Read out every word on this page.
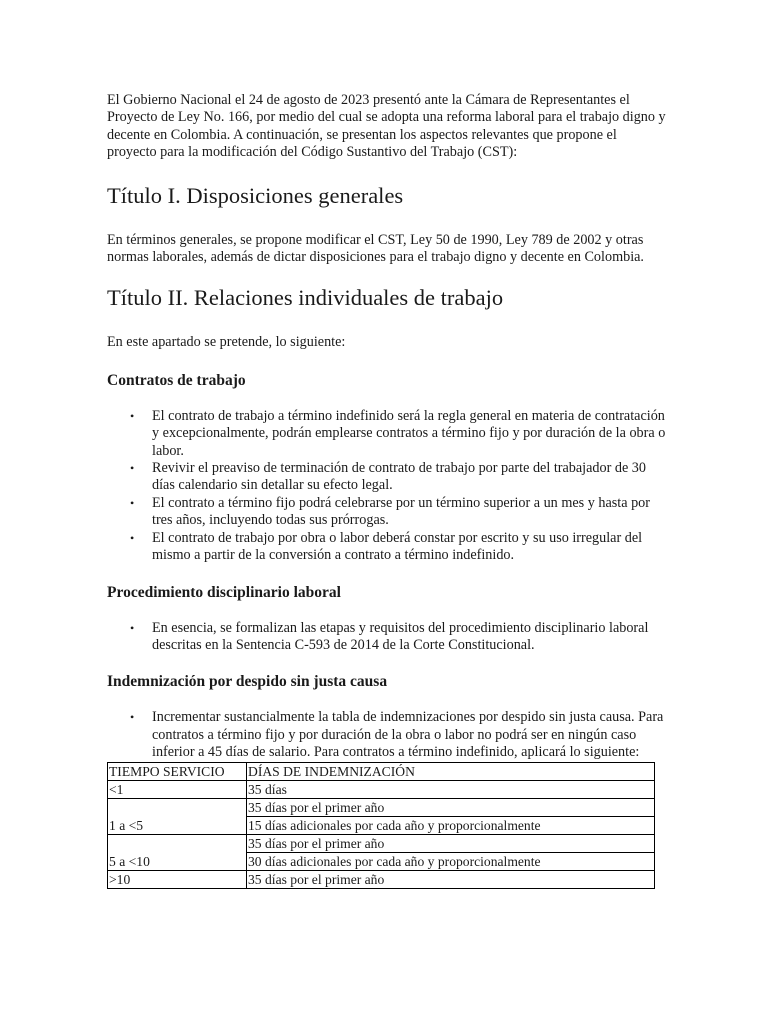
El Gobierno Nacional el 24 de agosto de 2023 presentó ante la Cámara de Representantes el Proyecto de Ley No. 166, por medio del cual se adopta una reforma laboral para el trabajo digno y decente en Colombia. A continuación, se presentan los aspectos relevantes que propone el proyecto para la modificación del Código Sustantivo del Trabajo (CST):

Título I. Disposiciones generales

En términos generales, se propone modificar el CST, Ley 50 de 1990, Ley 789 de 2002 y otras normas laborales, además de dictar disposiciones para el trabajo digno y decente en Colombia.

Título II. Relaciones individuales de trabajo

En este apartado se pretende, lo siguiente:

Contratos de trabajo
• El contrato de trabajo a término indefinido será la regla general en materia de contratación y excepcionalmente, podrán emplearse contratos a término fijo y por duración de la obra o labor.
• Revivir el preaviso de terminación de contrato de trabajo por parte del trabajador de 30 días calendario sin detallar su efecto legal.
• El contrato a término fijo podrá celebrarse por un término superior a un mes y hasta por tres años, incluyendo todas sus prórrogas.
• El contrato de trabajo por obra o labor deberá constar por escrito y su uso irregular del mismo a partir de la conversión a contrato a término indefinido.
Procedimiento disciplinario laboral
• En esencia, se formalizan las etapas y requisitos del procedimiento disciplinario laboral descritas en la Sentencia C-593 de 2014 de la Corte Constitucional.
Indemnización por despido sin justa causa
• Incrementar sustancialmente la tabla de indemnizaciones por despido sin justa causa. Para contratos a término fijo y por duración de la obra o labor no podrá ser en ningún caso inferior a 45 días de salario. Para contratos a término indefinido, aplicará lo siguiente:
TIEMPO SERVICIO	DÍAS DE INDEMNIZACIÓN
<1	35 días
1 a <5	35 días por el primer año
	15 días adicionales por cada año y proporcionalmente
5 a <10	35 días por el primer año
	30 días adicionales por cada año y proporcionalmente
>10	35 días por el primer año
